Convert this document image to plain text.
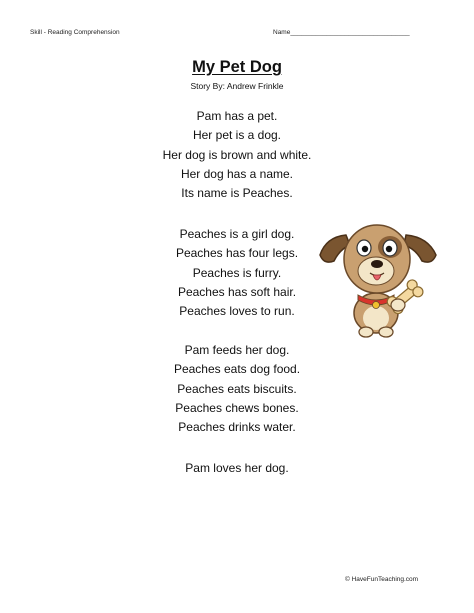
Skill - Reading Comprehension	Name_________________________________
My Pet Dog
Story By: Andrew Frinkle
Pam has a pet.
Her pet is a dog.
Her dog is brown and white.
Her dog has a name.
Its name is Peaches.
Peaches is a girl dog.
Peaches has four legs.
Peaches is furry.
Peaches has soft hair.
Peaches loves to run.
Pam feeds her dog.
Peaches eats dog food.
Peaches eats biscuits.
Peaches chews bones.
Peaches drinks water.
Pam loves her dog.
© HaveFunTeaching.com
